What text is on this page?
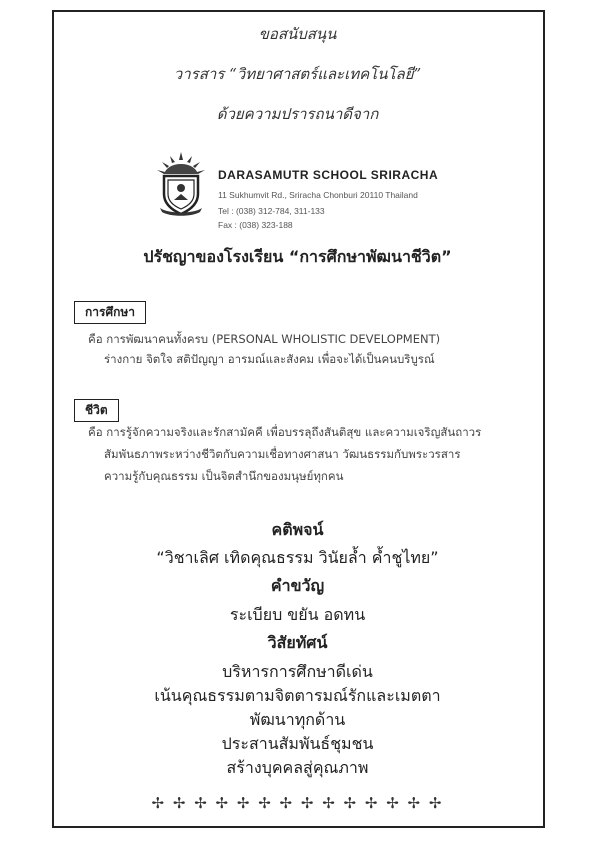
ขอสนับสนุน
วารสาร “วิทยาศาสตร์และเทคโนโลยี”
ด้วยความปรารถนาดีจาก
DARASAMUTR SCHOOL SRIRACHA
11 Sukhumvit Rd., Sriracha Chonburi 20110 Thailand
Tel : (038) 312-784, 311-133
Fax : (038) 323-188
ปรัชญาของโรงเรียน “การศึกษาพัฒนาชีวิต”
การศึกษา
คือ การพัฒนาคนทั้งครบ (PERSONAL WHOLISTIC DEVELOPMENT)
ร่างกาย จิตใจ สติปัญญา อารมณ์และสังคม เพื่อจะได้เป็นคนบริบูรณ์
ชีวิต
คือ การรู้จักความจริงและรักสามัคคี เพื่อบรรลุถึงสันติสุข และความเจริญสันถาวร
สัมพันธภาพระหว่างชีวิตกับความเชื่อทางศาสนา วัฒนธรรมกับพระวรสาร
ความรู้กับคุณธรรม เป็นจิตสำนึกของมนุษย์ทุกคน
คติพจน์
“วิชาเลิศ เทิดคุณธรรม วินัยล้ำ ค้ำชูไทย”
คำขวัญ
ระเบียบ ขยัน อดทน
วิสัยทัศน์
บริหารการศึกษาดีเด่น
เน้นคุณธรรมตามจิตตารมณ์รักและเมตตา
พัฒนาทุกด้าน
ประสานสัมพันธ์ชุมชน
สร้างบุคคลสู่คุณภาพ
✢ ✢ ✢ ✢ ✢ ✢ ✢ ✢ ✢ ✢ ✢ ✢ ✢ ✢
